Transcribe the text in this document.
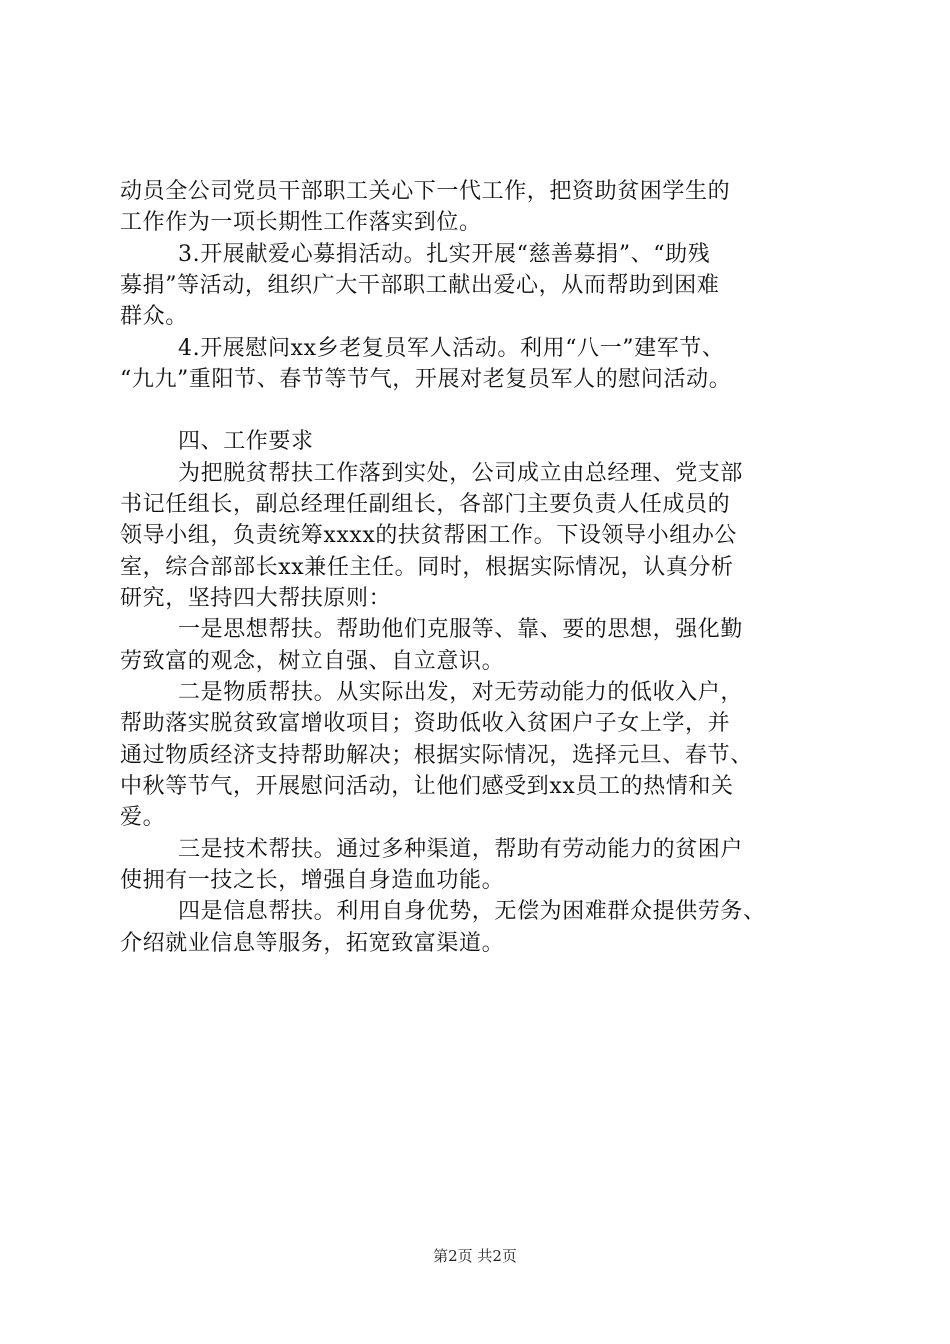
动员全公司党员干部职工关心下一代工作，把资助贫困学生的
工作作为一项长期性工作落实到位。
3.开展献爱心募捐活动。扎实开展“慈善募捐”、“助残
募捐”等活动，组织广大干部职工献出爱心，从而帮助到困难
群众。
4.开展慰问xx乡老复员军人活动。利用“八一”建军节、
“九九”重阳节、春节等节气，开展对老复员军人的慰问活动。
四、工作要求
为把脱贫帮扶工作落到实处，公司成立由总经理、党支部
书记任组长，副总经理任副组长，各部门主要负责人任成员的
领导小组，负责统筹xxxx的扶贫帮困工作。下设领导小组办公
室，综合部部长xx兼任主任。同时，根据实际情况，认真分析
研究，坚持四大帮扶原则：
一是思想帮扶。帮助他们克服等、靠、要的思想，强化勤
劳致富的观念，树立自强、自立意识。
二是物质帮扶。从实际出发，对无劳动能力的低收入户，
帮助落实脱贫致富增收项目；资助低收入贫困户子女上学，并
通过物质经济支持帮助解决；根据实际情况，选择元旦、春节、
中秋等节气，开展慰问活动，让他们感受到xx员工的热情和关
爱。
三是技术帮扶。通过多种渠道，帮助有劳动能力的贫困户
使拥有一技之长，增强自身造血功能。
四是信息帮扶。利用自身优势，无偿为困难群众提供劳务、
介绍就业信息等服务，拓宽致富渠道。
第2页 共2页
